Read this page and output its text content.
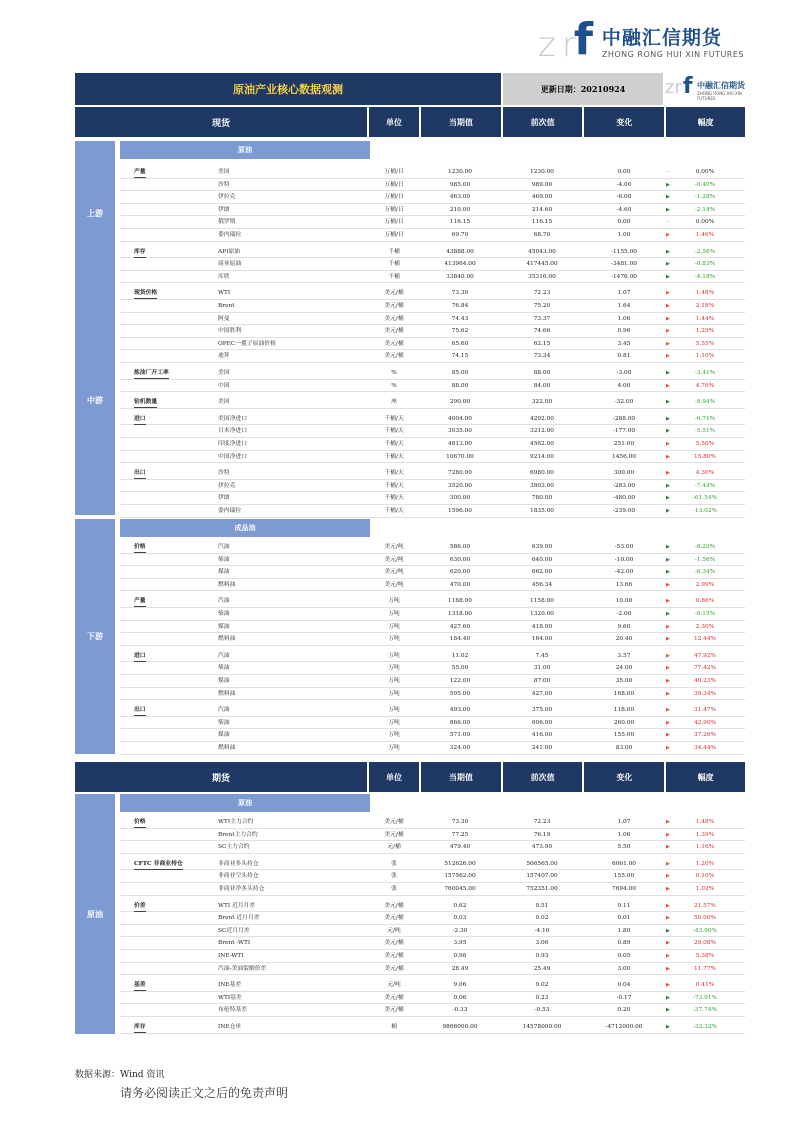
z r
f 中融汇信期货
ZHONG RONG HUI XIN FUTURES
原油产业核心数据观测	更新日期：20210924	zr f 中融汇信期货
ZHONG RONG HUI XIN FUTURES
现货	单位	当期值	前次值	变化	幅度
上游
中游
下游
原油
原油
成品油
原油
期货	单位	当期值	前次值	变化	幅度
产量	美国	万桶/日	1230.00	1230.00	0.00	—	0.00%
沙特	万桶/日	985.00	989.00	-4.00	▶	-0.40%
伊拉克	万桶/日	463.00	469.00	-6.00	▶	-1.28%
伊朗	万桶/日	210.00	214.60	-4.60	▶	-2.14%
俄罗斯	万桶/日	116.15	116.15	0.00	—	0.00%
委内瑞拉	万桶/日	69.70	68.70	1.00	▶	1.46%
库存	API原油	千桶	43888.00	45043.00	-1155.00	▶	-2.56%
商业原油	千桶	413964.00	417445.00	-3481.00	▶	-0.83%
库欣	千桶	33840.00	35316.00	-1476.00	▶	-4.18%
现货价格	WTI	美元/桶	73.30	72.23	1.07	▶	1.48%
Brent	美元/桶	76.84	75.20	1.64	▶	2.18%
阿曼	美元/桶	74.43	73.37	1.06	▶	1.44%
中国胜利	美元/桶	75.62	74.66	0.96	▶	1.29%
OPEC一揽子原油价格	美元/桶	65.60	62.15	3.45	▶	5.55%
迪拜	美元/桶	74.15	73.34	0.81	▶	1.10%
炼油厂开工率	美国	%	85.00	88.00	-3.00	▶	-3.41%
中国	%	88.00	84.00	4.00	▶	4.76%
钻机数量	美国	座	290.00	322.00	-32.00	▶	-9.94%
进口	美国净进口	千桶/天	4004.00	4292.00	-288.00	▶	-6.71%
日本净进口	千桶/天	3035.00	3212.00	-177.00	▶	-5.51%
印度净进口	千桶/天	4813.00	4562.00	251.00	▶	5.50%
中国净进口	千桶/天	10670.00	9214.00	1456.00	▶	15.80%
出口	沙特	千桶/天	7280.00	6980.00	300.00	▶	4.30%
伊拉克	千桶/天	3520.00	3803.00	-283.00	▶	-7.44%
伊朗	千桶/天	300.00	780.00	-480.00	▶	-61.54%
委内瑞拉	千桶/天	1596.00	1835.00	-239.00	▶	-13.02%
价格	汽油	美元/吨	586.00	639.00	-53.00	▶	-8.29%
柴油	美元/吨	630.00	640.00	-10.00	▶	-1.56%
煤油	美元/吨	620.00	662.00	-42.00	▶	-6.34%
燃料油	美元/吨	470.00	456.34	13.66	▶	2.99%
产量	汽油	万吨	1168.00	1158.00	10.00	▶	0.86%
柴油	万吨	1318.00	1320.00	-2.00	▶	-0.15%
煤油	万吨	427.60	418.00	9.60	▶	2.30%
燃料油	万吨	184.40	164.00	20.40	▶	12.44%
进口	汽油	万吨	11.02	7.45	3.57	▶	47.92%
柴油	万吨	55.00	31.00	24.00	▶	77.42%
煤油	万吨	122.00	87.00	35.00	▶	40.23%
燃料油	万吨	595.00	427.00	168.00	▶	39.34%
出口	汽油	万吨	493.00	375.00	118.00	▶	31.47%
柴油	万吨	866.00	606.00	260.00	▶	42.90%
煤油	万吨	571.00	416.00	155.00	▶	37.26%
燃料油	万吨	324.00	241.00	83.00	▶	34.44%
价格	WTI主力合约	美元/桶	73.30	72.23	1.07	▶	1.48%
Brent主力合约	美元/桶	77.25	76.19	1.06	▶	1.39%
SC主力合约	元/桶	479.40	473.90	5.50	▶	1.16%
CFTC 非商业持仓	非商业多头持仓	张	512626.00	506565.00	6061.00	▶	1.20%
非商业空头持仓	张	157562.00	157407.00	155.00	▶	0.10%
非商业净多头持仓	张	760045.00	752351.00	7694.00	▶	1.02%
价差	WTI 近月月差	美元/桶	0.62	0.51	0.11	▶	21.57%
Brent 近月月差	美元/桶	0.03	0.02	0.01	▶	50.00%
SC近月月差	元/吨	-2.30	-4.10	1.80	▶	-43.90%
Brent -WTI	美元/桶	3.95	3.06	0.89	▶	29.08%
INE-WTI	美元/桶	0.98	0.93	0.05	▶	5.38%
汽油-美油裂解价差	美元/桶	28.49	25.49	3.00	▶	11.77%
基差	INE基差	元/吨	9.06	9.02	0.04	▶	0.41%
WTI基差	美元/桶	0.06	0.23	-0.17	▶	-73.91%
布伦特基差	美元/桶	-0.33	-0.53	0.20	▶	-37.74%
库存	INE仓单	桶	9866000.00	14578000.00	-4712000.00	▶	-32.32%
数据来源：Wind 资讯
请务必阅读正文之后的免责声明
